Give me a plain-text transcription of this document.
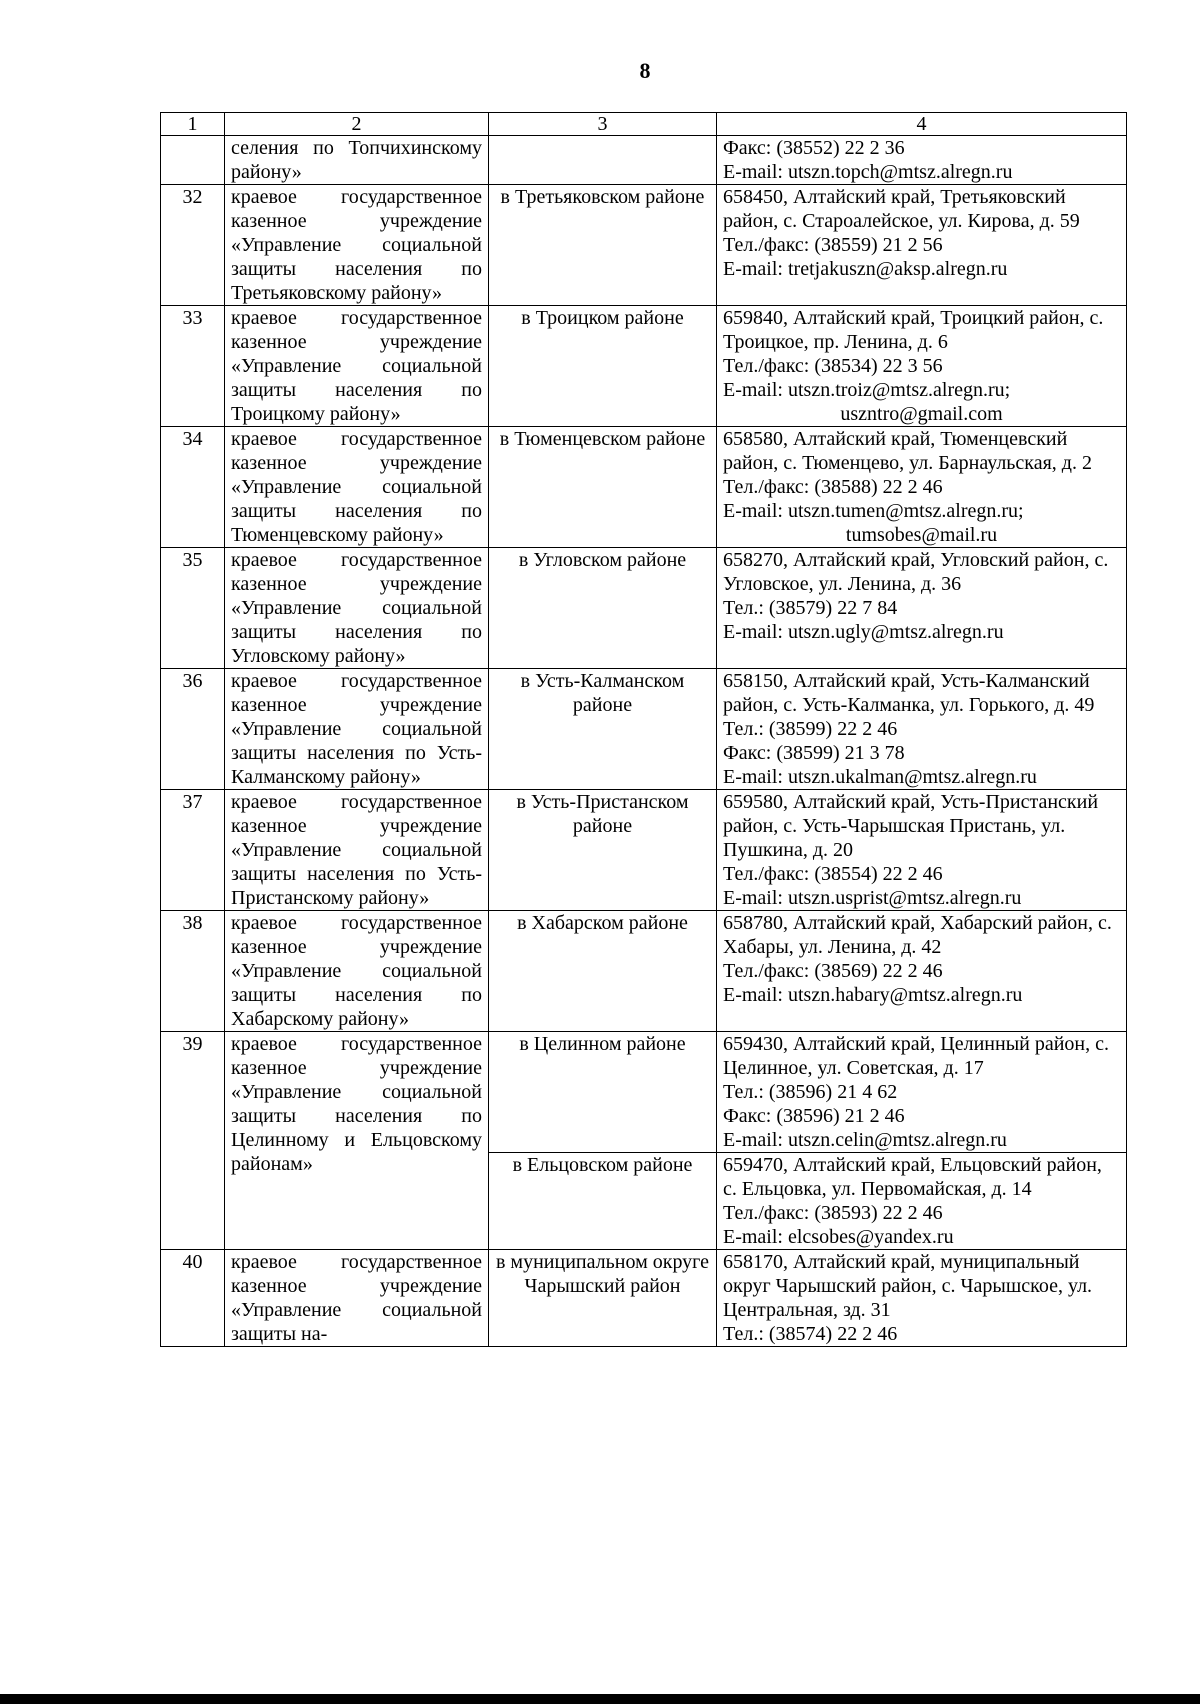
8
1	2	3	4
	селения по Топчихинскому району»		Факс: (38552) 22 2 36
E-mail: utszn.topch@mtsz.alregn.ru

32	краевое государственное казенное учреждение «Управление социальной защиты населения по Третьяковскому району»	в Третьяковском районе	658450, Алтайский край, Третьяковский район, с. Староалейское, ул. Кирова, д. 59
Тел./факс: (38559) 21 2 56
E-mail: tretjakuszn@aksp.alregn.ru

33	краевое государственное казенное учреждение «Управление социальной защиты населения по Троицкому району»	в Троицком районе	659840, Алтайский край, Троицкий район, с. Троицкое, пр. Ленина, д. 6
Тел./факс: (38534) 22 3 56
E-mail: utszn.troiz@mtsz.alregn.ru;
uszntro@gmail.com

34	краевое государственное казенное учреждение «Управление социальной защиты населения по Тюменцевскому району»	в Тюменцевском районе	658580, Алтайский край, Тюменцевский район, с. Тюменцево, ул. Барнаульская, д. 2
Тел./факс: (38588) 22 2 46
E-mail: utszn.tumen@mtsz.alregn.ru;
tumsobes@mail.ru

35	краевое государственное казенное учреждение «Управление социальной защиты населения по Угловскому району»	в Угловском районе	658270, Алтайский край, Угловский район, с. Угловское, ул. Ленина, д. 36
Тел.: (38579) 22 7 84
E-mail: utszn.ugly@mtsz.alregn.ru

36	краевое государственное казенное учреждение «Управление социальной защиты населения по Усть-Калманскому району»	в Усть-Калманском районе	658150, Алтайский край, Усть-Калманский район, с. Усть-Калманка, ул. Горького, д. 49
Тел.: (38599) 22 2 46
Факс: (38599) 21 3 78
E-mail: utszn.ukalman@mtsz.alregn.ru

37	краевое государственное казенное учреждение «Управление социальной защиты населения по Усть-Пристанскому району»	в Усть-Пристанском районе	659580, Алтайский край, Усть-Пристанский район, с. Усть-Чарышская Пристань, ул. Пушкина, д. 20
Тел./факс: (38554) 22 2 46
E-mail: utszn.usprist@mtsz.alregn.ru

38	краевое государственное казенное учреждение «Управление социальной защиты населения по Хабарскому району»	в Хабарском районе	658780, Алтайский край, Хабарский район, с. Хабары, ул. Ленина, д. 42
Тел./факс: (38569) 22 2 46
E-mail: utszn.habary@mtsz.alregn.ru

39	краевое государственное казенное учреждение «Управление социальной защиты населения по Целинному и Ельцовскому районам»	в Целинном районе	659430, Алтайский край, Целинный район, с. Целинное, ул. Советская, д. 17
Тел.: (38596) 21 4 62
Факс: (38596) 21 2 46
E-mail: utszn.celin@mtsz.alregn.ru

		в Ельцовском районе	659470, Алтайский край, Ельцовский район, с. Ельцовка, ул. Первомайская, д. 14
Тел./факс: (38593) 22 2 46
E-mail: elcsobes@yandex.ru

40	краевое государственное казенное учреждение «Управление социальной защиты на-	в муниципальном округе Чарышский район	658170, Алтайский край, муниципальный округ Чарышский район, с. Чарышское, ул. Центральная, зд. 31
Тел.: (38574) 22 2 46
